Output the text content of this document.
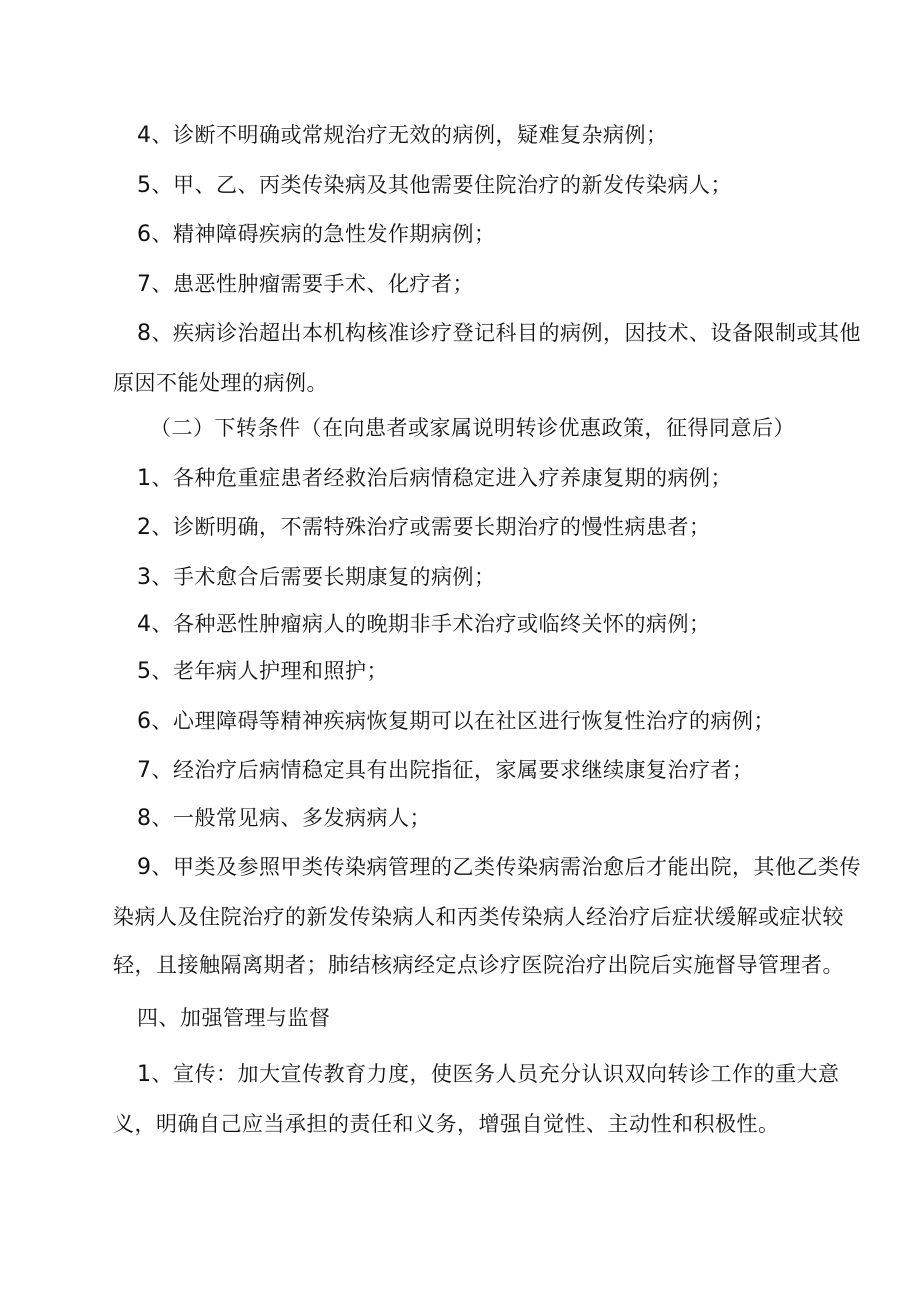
4、诊断不明确或常规治疗无效的病例，疑难复杂病例；
5、甲、乙、丙类传染病及其他需要住院治疗的新发传染病人；
6、精神障碍疾病的急性发作期病例；
7、患恶性肿瘤需要手术、化疗者；
8、疾病诊治超出本机构核准诊疗登记科目的病例，因技术、设备限制或其他
原因不能处理的病例。
（二）下转条件（在向患者或家属说明转诊优惠政策，征得同意后）
1、各种危重症患者经救治后病情稳定进入疗养康复期的病例；
2、诊断明确，不需特殊治疗或需要长期治疗的慢性病患者；
3、手术愈合后需要长期康复的病例；
4、各种恶性肿瘤病人的晚期非手术治疗或临终关怀的病例；
5、老年病人护理和照护；
6、心理障碍等精神疾病恢复期可以在社区进行恢复性治疗的病例；
7、经治疗后病情稳定具有出院指征，家属要求继续康复治疗者；
8、一般常见病、多发病病人；
9、甲类及参照甲类传染病管理的乙类传染病需治愈后才能出院，其他乙类传
染病人及住院治疗的新发传染病人和丙类传染病人经治疗后症状缓解或症状较
轻，且接触隔离期者；肺结核病经定点诊疗医院治疗出院后实施督导管理者。
四、加强管理与监督
1、宣传：加大宣传教育力度，使医务人员充分认识双向转诊工作的重大意
义，明确自己应当承担的责任和义务，增强自觉性、主动性和积极性。
